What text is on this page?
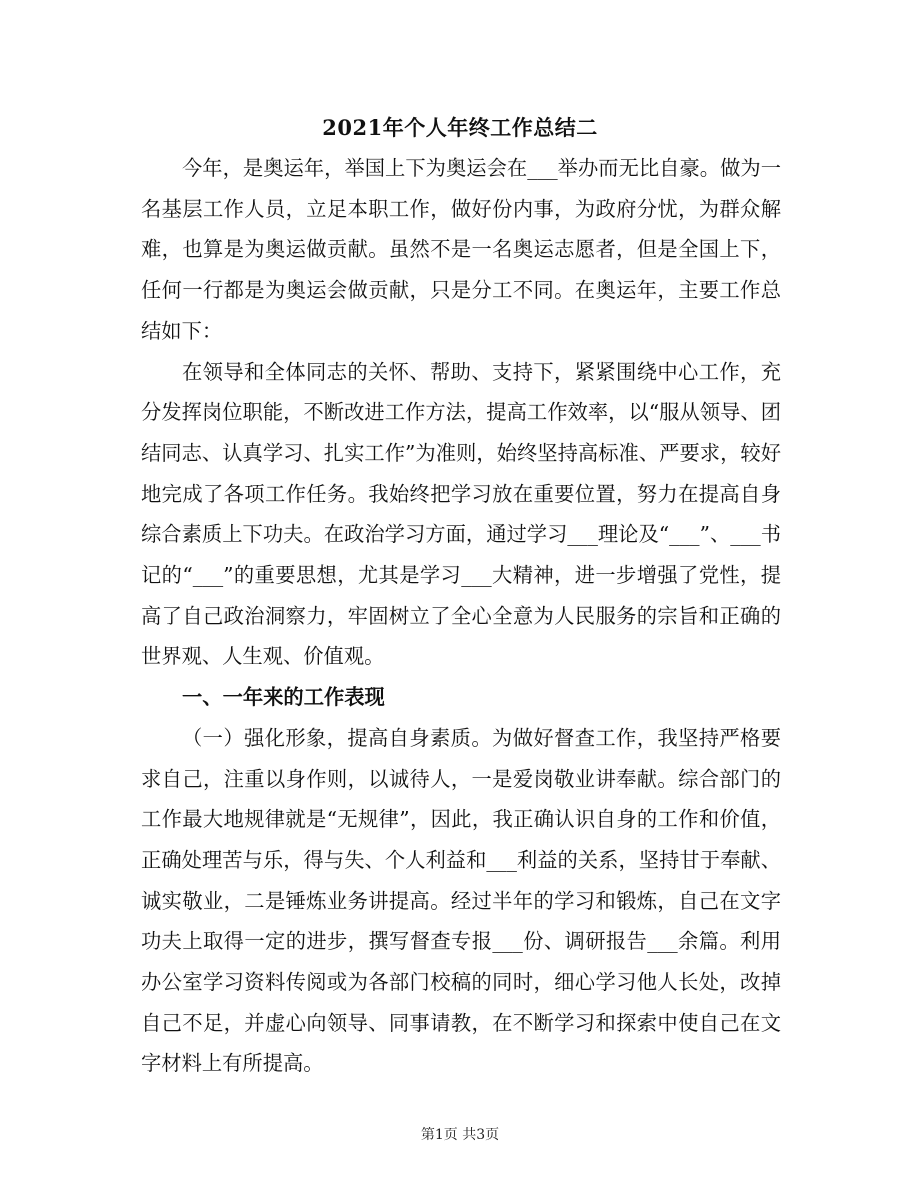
2021年个人年终工作总结二

今年，是奥运年，举国上下为奥运会在___举办而无比自豪。做为一名基层工作人员，立足本职工作，做好份内事，为政府分忧，为群众解难，也算是为奥运做贡献。虽然不是一名奥运志愿者，但是全国上下，任何一行都是为奥运会做贡献，只是分工不同。在奥运年，主要工作总结如下：

在领导和全体同志的关怀、帮助、支持下，紧紧围绕中心工作，充分发挥岗位职能，不断改进工作方法，提高工作效率，以“服从领导、团结同志、认真学习、扎实工作”为准则，始终坚持高标准、严要求，较好地完成了各项工作任务。我始终把学习放在重要位置，努力在提高自身综合素质上下功夫。在政治学习方面，通过学习___理论及“___”、___书记的“___”的重要思想，尤其是学习___大精神，进一步增强了党性，提高了自己政治洞察力，牢固树立了全心全意为人民服务的宗旨和正确的世界观、人生观、价值观。

一、一年来的工作表现

（一）强化形象，提高自身素质。为做好督查工作，我坚持严格要求自己，注重以身作则，以诚待人，一是爱岗敬业讲奉献。综合部门的工作最大地规律就是“无规律”，因此，我正确认识自身的工作和价值，正确处理苦与乐，得与失、个人利益和___利益的关系，坚持甘于奉献、诚实敬业，二是锤炼业务讲提高。经过半年的学习和锻炼，自己在文字功夫上取得一定的进步，撰写督查专报___份、调研报告___余篇。利用办公室学习资料传阅或为各部门校稿的同时，细心学习他人长处，改掉自己不足，并虚心向领导、同事请教，在不断学习和探索中使自己在文字材料上有所提高。

第1页 共3页
